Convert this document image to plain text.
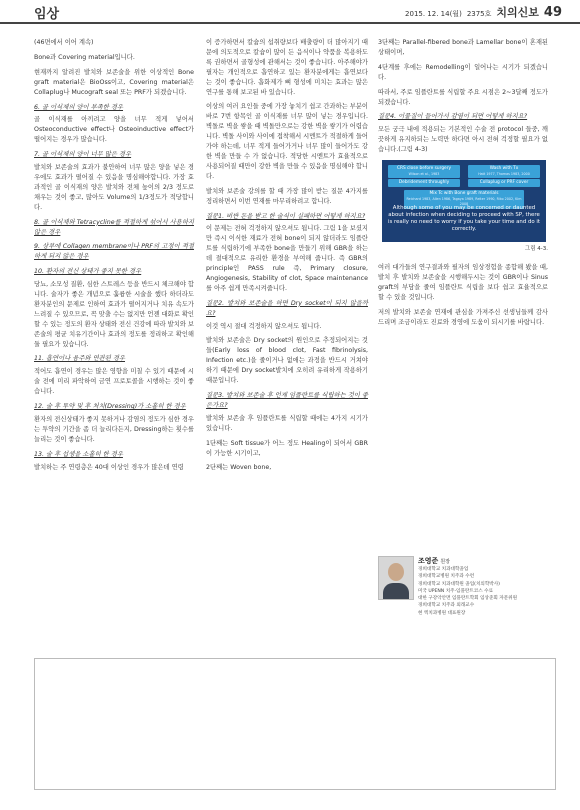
임상	2015. 12. 14(월) 2375호 치의신보 49

(46면에서 이어 계속)

Bone과 Covering material입니다.

현재까지 알려진 발치와 보존술을 위한 이상적인 Bone graft material은 BioOss이고, Covering material은 Collaplug나 Mucograft seal 또는 PRF가 되겠습니다.

6. 골 이식재의 양이 부족한 경우

골 이식재를 아끼려고 양을 너무 적게 넣어서 Osteoconductive effect나 Osteoinductive effect가 떨어지는 경우가 많습니다.

7. 골 이식재의 양이 너무 많은 경우

발치와 보존술의 효과가 불안하여 너무 많은 양을 넣은 경우에도 효과가 떨어질 수 있음을 명심해야합니다. 가장 효과적인 골 이식재의 양은 발치와 전체 높이의 2/3 정도로 채우는 것이 좋고, 많아도 Volume의 1/3정도가 적당합니다.

8. 골 이식재와 Tetracycline를 적절하게 섞어서 사용하지 않은 경우

9. 상부에 Collagen membrane이나 PRF의 고정이 적절하게 되지 않은 경우

10. 환자의 전신 상태가 좋지 못한 경우

당뇨, 소모성 질환, 심한 스트레스 등을 반드시 체크해야 합니다. 술자가 좋은 개념으로 훌륭한 시술을 했다 하더라도 환자분인의 문제로 인하여 효과가 떨어지거나 치유 속도가 느려질 수 있으므로, 꼭 맞출 수는 없지만 언젠 대화로 확인할 수 있는 정도의 환자 상태와 전신 건강에 따라 발치와 보존술의 평균 치유기간이나 효과의 정도를 정리하고 확인해 둘 필요가 있습니다.

11. 흡연이나 음주와 연관된 경우

적어도 흡연이 경우는 많은 영향을 미칠 수 있기 때문에 시술 전에 미리 파악하여 금연 프로토콜을 시행하는 것이 좋습니다.

12. 술 후 투약 및 후 처치(Dressing)가 소홀히 한 경우

환자의 전신상태가 좋지 못하거나 감염의 정도가 심한 경우는 투약의 기간을 좀 더 늘리다든지, Dressing하는 횟수를 늘리는 것이 좋습니다.

13. 술 후 섭생을 소홀히 한 경우

발치하는 주 연령층은 40대 이상인 경우가 많은데 연령

이 증가하면서 칼슘의 섭취량보다 배출량이 더 많아지기 때문에 의도적으로 칼슘이 많이 든 음식이나 약품을 복용하도록 권하면서 골형성에 관해서는 것이 좋습니다. 아주해야가 필자는 개인적으로 흡연하고 있는 환자분에게는 흡연보다는 것이 좋습니다. 흡화제가 뼈 형성에 미치는 효과는 많은 연구를 통해 보고된 바 있습니다.

이상의 여러 요인들 중에 가장 놓치기 쉽고 간과하는 부분이 바로 7번 항목인 골 이식재를 너무 많이 넣는 경우입니다. 벽돌로 벽을 쌓을 때 벽돌만으로는 강한 벽을 쌓기가 어렵습니다. 벽돌 사이와 사이에 접착해서 시멘트가 적절하게 들어가야 하는데, 너무 적게 들어가거나 너무 많이 들어가도 강한 벽을 만들 수 가 없습니다. 적당한 시멘트가 효율적으로 사용되어질 때만이 강한 벽을 만들 수 있음을 명심해야 합니다.

발치와 보존술 강의를 할 때 가장 많이 받는 질문 4가지를 정리하면서 이번 연재를 마무리하려고 합니다.

질문1. 비싼 돈을 받고 한 술식이 실패하면 어떻게 하지요?

이 문제는 전혀 걱정하지 않으셔도 됩니다. 그림 1을 보셨지만 즉시 이식한 재료가 전혀 bone이 되지 않더라도 임플란트를 식립하기에 부족한 bone을 만들기 위해 GBR을 하는데 절대적으로 유리한 환경을 부여해 줍니다. 즉 GBR의 principle인 PASS rule 즉, Primary closure, Angiogenesis, Stability of clot, Space maintenance를 아주 쉽게 만족시켜줍니다.

질문2. 발치와 보존술을 하면 Dry socket이 되지 않을까요?

이것 역시 절대 걱정하지 않으셔도 됩니다.

발치와 보존술은 Dry socket의 원인으로 추정되어지는 것들(Early loss of blood clot, Fast fibrinolysis, Infection etc.)을 줄이거나 없애는 과정을 반드시 거쳐야 하기 때문에 Dry socket발치에 오히려 유리하게 작용하기 때문입니다.

질문3. 발치와 보존술 후 언제 임플란트를 식립하는 것이 좋은가요?

발치와 보존술 후 임플란트를 식립할 때에는 4가지 시기가 있습니다.

1단째는 Soft tissue가 어느 정도 Healing이 되어서 GBR이 가능한 시기이고,

2단째는 Woven bone,

3단째는 Parallel-fibered bone과 Lamellar bone이 혼재된 상태이며,

4단계를 후에는 Remodelling이 일어나는 시기가 되겠습니다.

따라서, 주로 임플란트를 식립할 주요 시점은 2~3달째 정도가 되겠습니다.

질문4. 이물질이 들어가서 감염이 되면 어떻게 하지요?

모든 궁극 내에 적용되는 기본적인 수술 전 protocol 들중, 깨끗하게 유지하되는 노력만 하다면 아시 전혀 걱정할 필요가 없습니다.(그림 4-3)

CRS close before surgery
Wilson et al., 1983
Wash with Tx
Hatt 1977, Thomas 1983, 2000
Debridement throughly	Collaplug or PRF cover
Mix Tc with Bone graft materials
Reichard 1983, Allen 1986, Tagaya 1989, Reiter 1990, Riko 2002, Kim 2008
Although some of you may be concerned or daunted about infection when deciding to proceed with SP, there is really no need to worry if you take your time and do it correctly.
그림 4-3.

여러 대가들의 연구결과와 필자의 임상경험을 종합해 봤을 때, 발치 후 발치와 보존술을 시행해두시는 것이 GBR이나 Sinus graft의 부담을 줄여 임플란트 식립을 보다 쉽고 효율적으로 할 수 있을 것입니다.

저의 발치와 보존술 연재에 관심을 가져주신 선생님들께 감사드리며 조금이라도 진료와 경영에 도움이 되시기를 바랍니다.

조영준 원장
경희대학교 치과대학졸업
경희대학교병원 치주과 수련
경희대학교 치과대학원 졸업(치의학박사)
미국 UPENN 치주·임플란트코스 수료
대한 구강악안면 임플란트학회 임상준회 자문위원
경희대학교 치주과 외래교수
현 엑치과병원 대표원장
